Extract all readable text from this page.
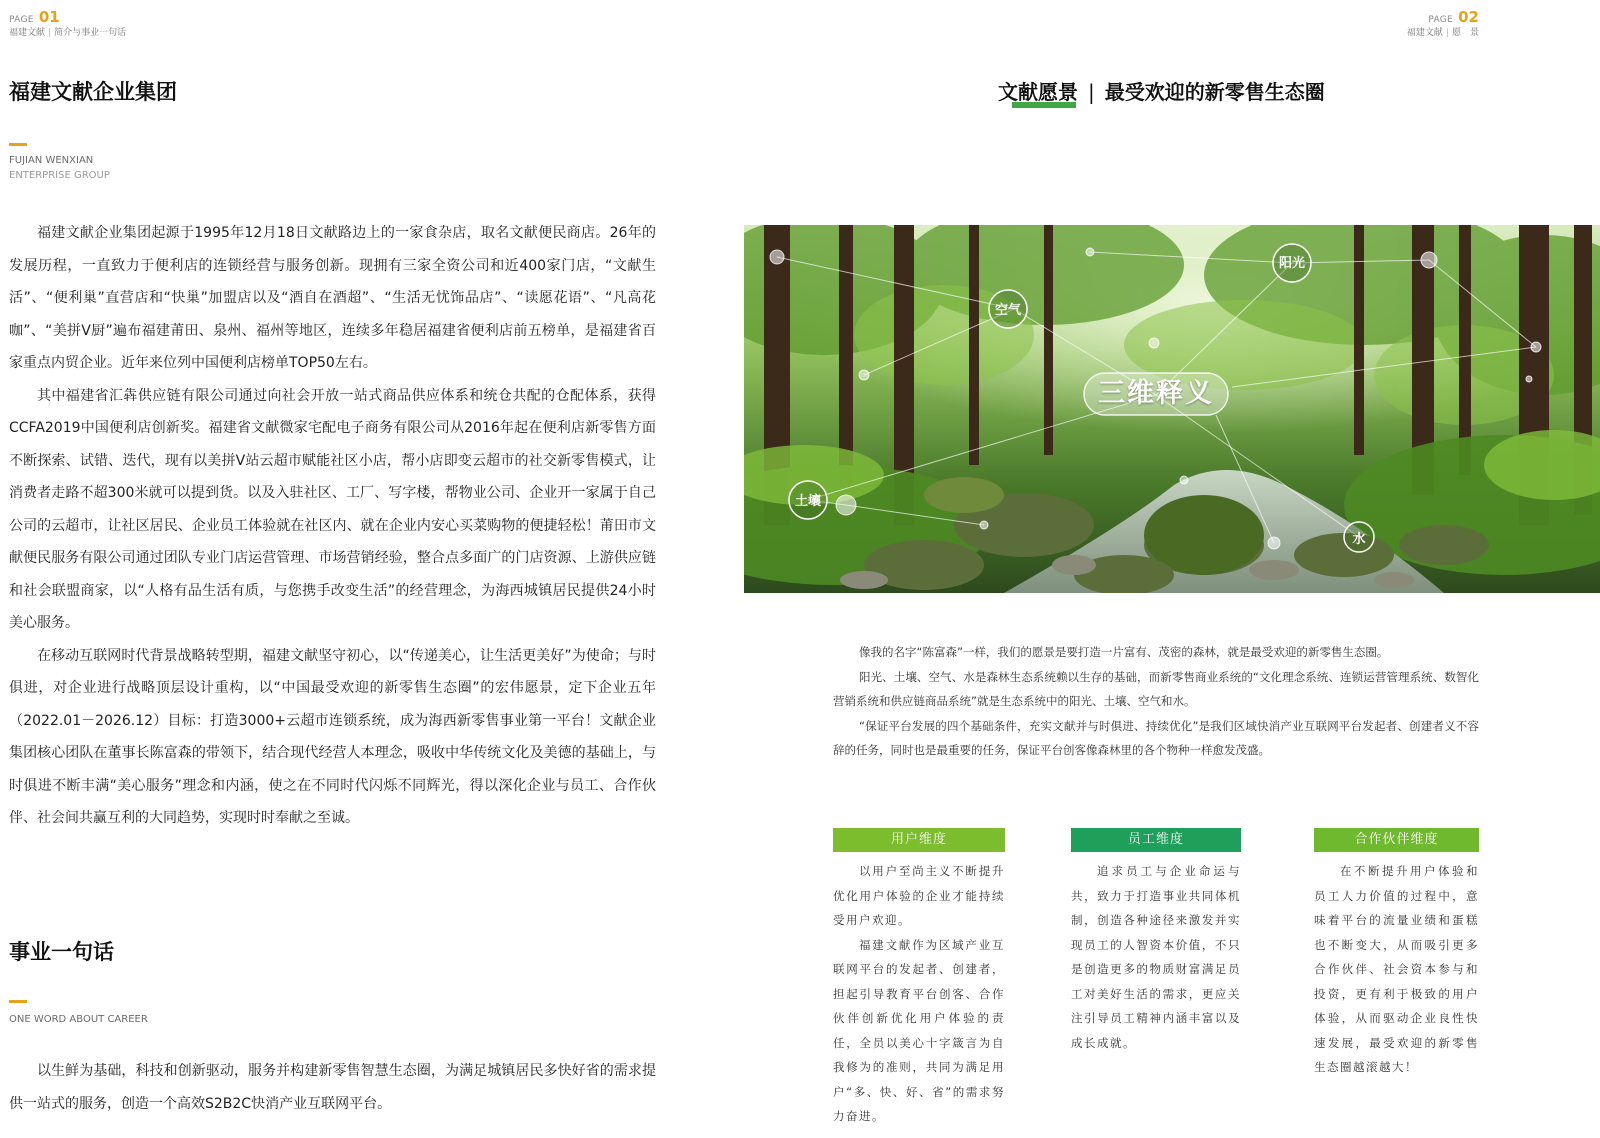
PAGE 01
福建文献 | 简介与事业一句话
福建文献企业集团
FUJIAN WENXIAN
ENTERPRISE GROUP

福建文献企业集团起源于1995年12月18日文献路边上的一家食杂店，取名文献便民商店。26年的发展历程，一直致力于便利店的连锁经营与服务创新。现拥有三家全资公司和近400家门店，“文献生活”、“便利巢”直营店和“快巢”加盟店以及“酒自在酒超”、“生活无忧饰品店”、“读愿花语”、“凡高花咖”、“美拼V厨”遍布福建莆田、泉州、福州等地区，连续多年稳居福建省便利店前五榜单，是福建省百家重点内贸企业。近年来位列中国便利店榜单TOP50左右。

其中福建省汇犇供应链有限公司通过向社会开放一站式商品供应体系和统仓共配的仓配体系，获得CCFA2019中国便利店创新奖。福建省文献微家宅配电子商务有限公司从2016年起在便利店新零售方面不断探索、试错、迭代，现有以美拼V站云超市赋能社区小店，帮小店即变云超市的社交新零售模式，让消费者走路不超300米就可以提到货。以及入驻社区、工厂、写字楼，帮物业公司、企业开一家属于自己公司的云超市，让社区居民、企业员工体验就在社区内、就在企业内安心买菜购物的便捷轻松！莆田市文献便民服务有限公司通过团队专业门店运营管理、市场营销经验，整合点多面广的门店资源、上游供应链和社会联盟商家，以“人格有品生活有质，与您携手改变生活”的经营理念，为海西城镇居民提供24小时美心服务。

在移动互联网时代背景战略转型期，福建文献坚守初心，以“传递美心，让生活更美好”为使命；与时俱进，对企业进行战略顶层设计重构，以“中国最受欢迎的新零售生态圈”的宏伟愿景，定下企业五年（2022.01－2026.12）目标：打造3000+云超市连锁系统，成为海西新零售事业第一平台！文献企业集团核心团队在董事长陈富森的带领下，结合现代经营人本理念，吸收中华传统文化及美德的基础上，与时俱进不断丰满“美心服务”理念和内涵，使之在不同时代闪烁不同辉光，得以深化企业与员工、合作伙伴、社会间共赢互利的大同趋势，实现时时奉献之至诚。

事业一句话
ONE WORD ABOUT CAREER

以生鲜为基础，科技和创新驱动，服务并构建新零售智慧生态圈，为满足城镇居民多快好省的需求提供一站式的服务，创造一个高效S2B2C快消产业互联网平台。

PAGE 02
福建文献 | 愿　景
文献愿景 | 最受欢迎的新零售生态圈
三维释义
阳光
空气
土壤
水

像我的名字“陈富森”一样，我们的愿景是要打造一片富有、茂密的森林，就是最受欢迎的新零售生态圈。

阳光、土壤、空气、水是森林生态系统赖以生存的基础，而新零售商业系统的“文化理念系统、连锁运营管理系统、数智化营销系统和供应链商品系统”就是生态系统中的阳光、土壤、空气和水。

“保证平台发展的四个基础条件，充实文献并与时俱进、持续优化”是我们区域快消产业互联网平台发起者、创建者义不容辞的任务，同时也是最重要的任务，保证平台创客像森林里的各个物种一样愈发茂盛。

用户维度

以用户至尚主义不断提升优化用户体验的企业才能持续受用户欢迎。

福建文献作为区域产业互联网平台的发起者、创建者，担起引导教育平台创客、合作伙伴创新优化用户体验的责任，全员以美心十字箴言为自我修为的准则，共同为满足用户“多、快、好、省”的需求努力奋进。

员工维度

追求员工与企业命运与共，致力于打造事业共同体机制，创造各种途径来激发并实现员工的人智资本价值，不只是创造更多的物质财富满足员工对美好生活的需求，更应关注引导员工精神内涵丰富以及成长成就。

合作伙伴维度

在不断提升用户体验和员工人力价值的过程中，意味着平台的流量业绩和蛋糕也不断变大，从而吸引更多合作伙伴、社会资本参与和投资，更有利于极致的用户体验，从而驱动企业良性快速发展，最受欢迎的新零售生态圈越滚越大！
